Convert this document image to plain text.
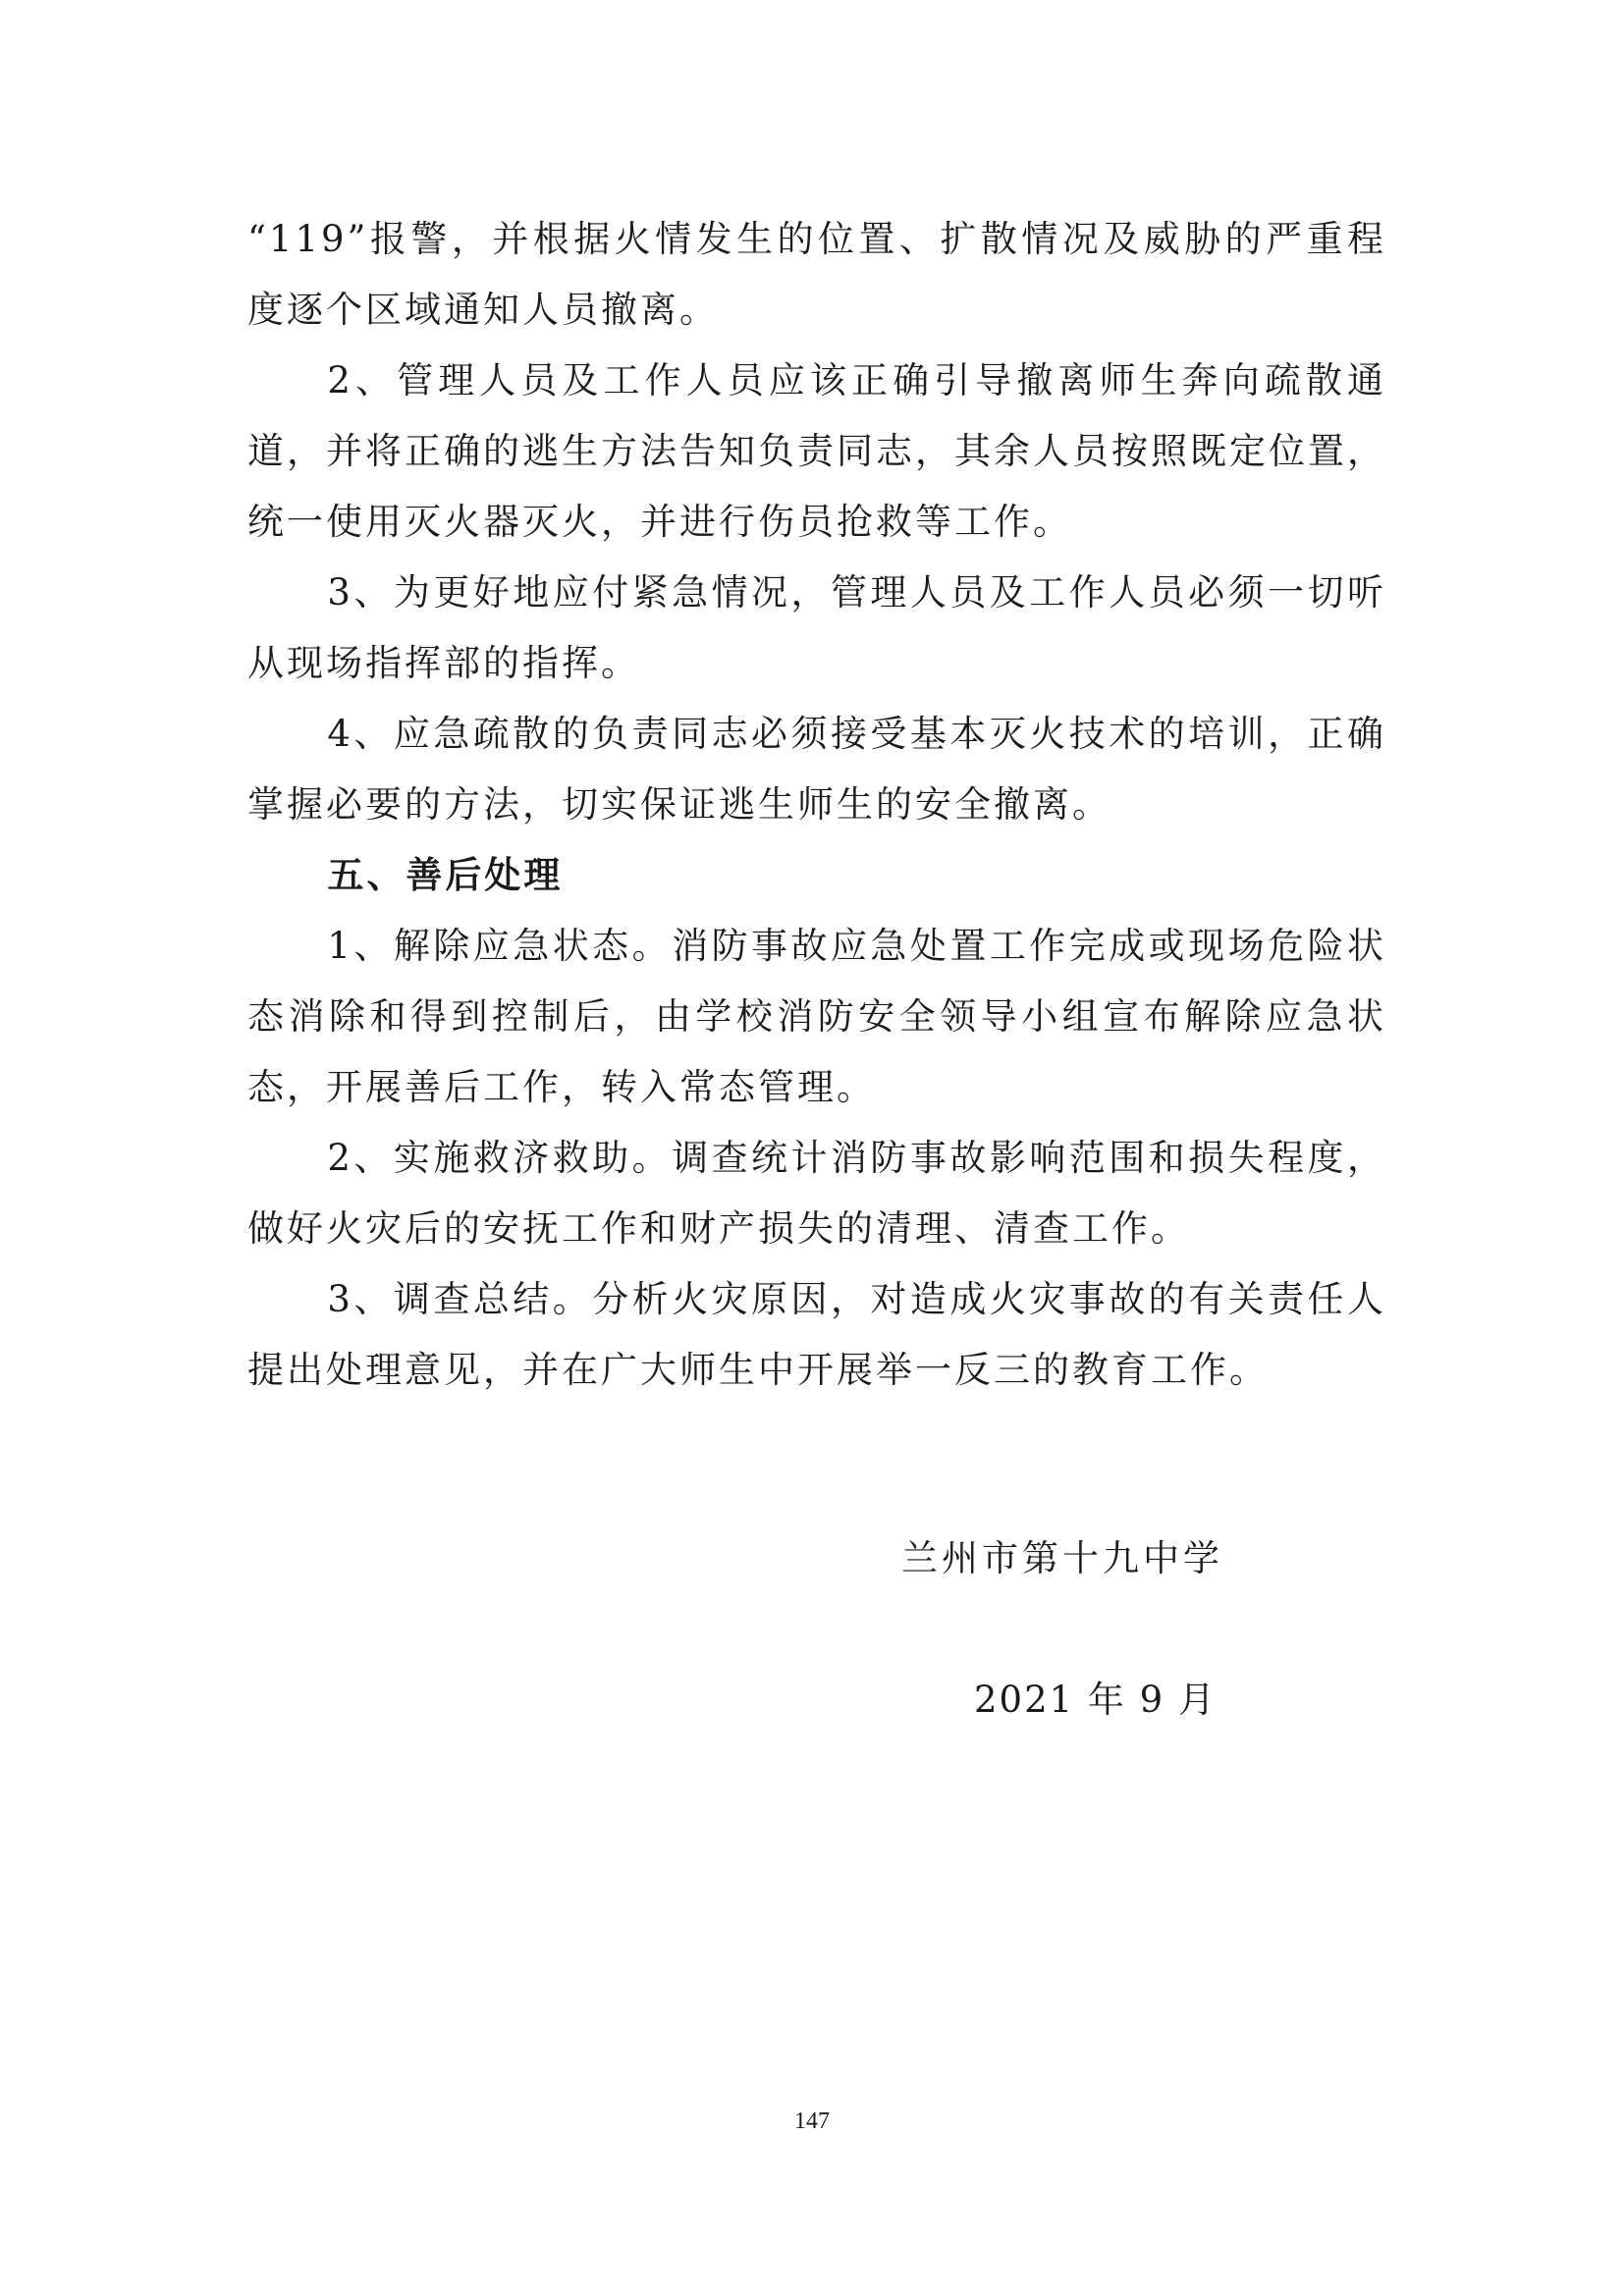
“119”报警，并根据火情发生的位置、扩散情况及威胁的严重程度逐个区域通知人员撤离。

2、管理人员及工作人员应该正确引导撤离师生奔向疏散通道，并将正确的逃生方法告知负责同志，其余人员按照既定位置，统一使用灭火器灭火，并进行伤员抢救等工作。

3、为更好地应付紧急情况，管理人员及工作人员必须一切听从现场指挥部的指挥。

4、应急疏散的负责同志必须接受基本灭火技术的培训，正确掌握必要的方法，切实保证逃生师生的安全撤离。

五、善后处理

1、解除应急状态。消防事故应急处置工作完成或现场危险状态消除和得到控制后，由学校消防安全领导小组宣布解除应急状态，开展善后工作，转入常态管理。

2、实施救济救助。调查统计消防事故影响范围和损失程度，做好火灾后的安抚工作和财产损失的清理、清查工作。

3、调查总结。分析火灾原因，对造成火灾事故的有关责任人提出处理意见，并在广大师生中开展举一反三的教育工作。

兰州市第十九中学
2021 年 9 月
147
